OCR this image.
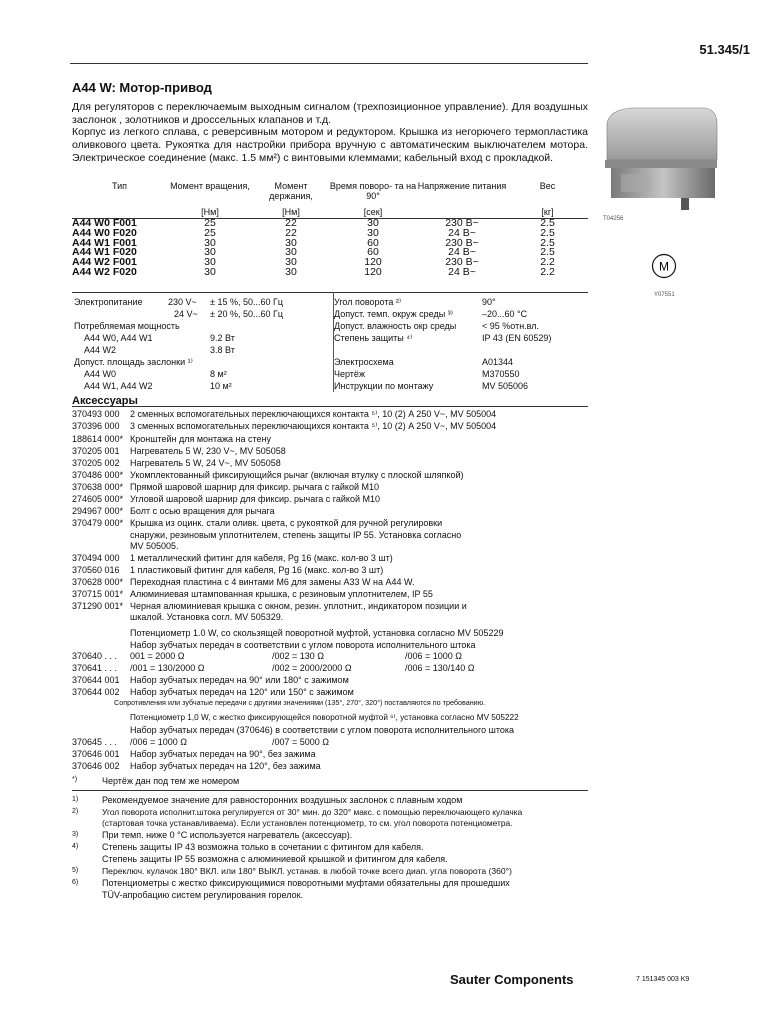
51.345/1
A44 W: Мотор-привод
Для регуляторов с переключаемым выходным сигналом (трехпозиционное управление). Для воздушных заслонок , золотников и дроссельных клапанов и т.д.
Корпус из легкого сплава, с реверсивным мотором и редуктором. Крышка из негорючего термопластика оливкового цвета. Рукоятка для настройки прибора вручную с автоматическим выключателем мотора. Электрическое соединение (макс. 1.5 мм²) с винтовыми клеммами; кабельный вход с прокладкой.
T04256
M
Y07551
Тип	Момент вращения,	Момент держания,	Время поворо- та на 90°	Напряжение питания	Вес
	[Нм]	[Нм]	[сек]		[кг]
A44 W0 F001	25	22	30	230 В~	2.5
A44 W0 F020	25	22	30	24 В~	2.5
A44 W1 F001	30	30	60	230 В~	2.5
A44 W1 F020	30	30	60	24 В~	2.5
A44 W2 F001	30	30	120	230 В~	2.2
A44 W2 F020	30	30	120	24 В~	2.2
Электропитание	230 V~ ± 15 %, 50...60 Гц
24 V~ ± 20 %, 50...60 Гц
Потребляемая мощность
A44 W0, A44 W1	9.2 Вт
A44 W2	3.8 Вт
Допуст. площадь заслонки ¹⁾
A44 W0	8 м²
A44 W1, A44 W2	10 м²
Угол поворота ²⁾	90°
Допуст. темп. окруж среды ³⁾	–20...60 °С
Допуст. влажность окр среды	< 95 %отн.вл.
Степень защиты ⁴⁾	IP 43 (EN 60529)
Электросхема	A01344
Чертёж	M370550
Инструкции по монтажу	MV 505006
Аксессуары
370493 000 2 сменных вспомогательных переключающихся контакта ⁵⁾, 10 (2) A 250 V~, MV 505004
370396 000 3 сменных вспомогательных переключающихся контакта ⁵⁾, 10 (2) A 250 V~, MV 505004
188614 000* Кронштейн для монтажа на стену
370205 001 Нагреватель 5 W, 230 V~, MV 505058
370205 002 Нагреватель 5 W, 24 V~, MV 505058
370486 000* Укомплектованный фиксирующийся рычаг (включая втулку с плоской шляпкой)
370638 000* Прямой шаровой шарнир для фиксир. рычага с гайкой M10
274605 000* Угловой шаровой шарнир для фиксир. рычага с гайкой M10
294967 000* Болт с осью вращения для рычага
370479 000* Крышка из оцинк. стали оливк. цвета, с рукояткой для ручной регулировки
снаружи, резиновым уплотнителем, степень защиты IP 55. Установка согласно
MV 505005.
370494 000 1 металлический фитинг для кабеля, Pg 16 (макс. кол-во 3 шт)
370560 016 1 пластиковый фитинг для кабеля, Pg 16 (макс. кол-во 3 шт)
370628 000* Переходная пластина с 4 винтами M6 для замены A33 W на A44 W.
370715 001* Алюминиевая штампованная крышка, с резиновым уплотнителем, IP 55
371290 001* Черная алюминиевая крышка с окном, резин. уплотнит., индикатором позиции и
шкалой. Установка согл. MV 505329.
Потенциометр 1.0 W, со скользящей поворотной муфтой, установка согласно MV 505229
Набор зубчатых передач в соответствии с углом поворота исполнительного штока
370640 . . . 001 = 2000 Ω	/002 = 130 Ω	/006 = 1000 Ω
370641 . . . /001 = 130/2000 Ω	/002 = 2000/2000 Ω	/006 = 130/140 Ω
370644 001 Набор зубчатых передач на 90° или 180° с зажимом
370644 002 Набор зубчатых передач на 120° или 150° с зажимом
Сопротивления или зубчатые передачи с другими значениями (135°, 270°, 320°) поставляются по требованию.
Потенциометр 1,0 W, с жестко фиксирующейся поворотной муфтой ⁶⁾, установка согласно MV 505222
Набор зубчатых передач (370646) в соответствии с углом поворота исполнительного штока
370645 . . . /006 = 1000 Ω	/007 = 5000 Ω
370646 001 Набор зубчатых передач на 90°, без зажима
370646 002 Набор зубчатых передач на 120°, без зажима
*)	Чертёж дан под тем же номером
1)	Рекомендуемое значение для равносторонних воздушных заслонок с плавным ходом
2)	Угол поворота исполнит.штока регулируется от 30° мин. до 320° макс. с помощью переключающего кулачка
(стартовая точка устанавливаема). Если установлен потенциометр, то см. угол поворота потенциометра.
3)	При темп. ниже 0 °C используется нагреватель (аксессуар).
4)	Степень защиты IP 43 возможна только в сочетании с фитингом для кабеля.
Степень защиты IP 55 возможна с алюминиевой крышкой и фитингом для кабеля.
5)	Переключ. кулачок 180° ВКЛ. или 180° ВЫКЛ. устанав. в любой точке всего диап. угла поворота (360°)
6)	Потенциометры с жестко фиксирующимися поворотными муфтами обязательны для прошедших
TÜV-апробацию систем регулирования горелок.
Sauter Components	7 151345 003 K9
